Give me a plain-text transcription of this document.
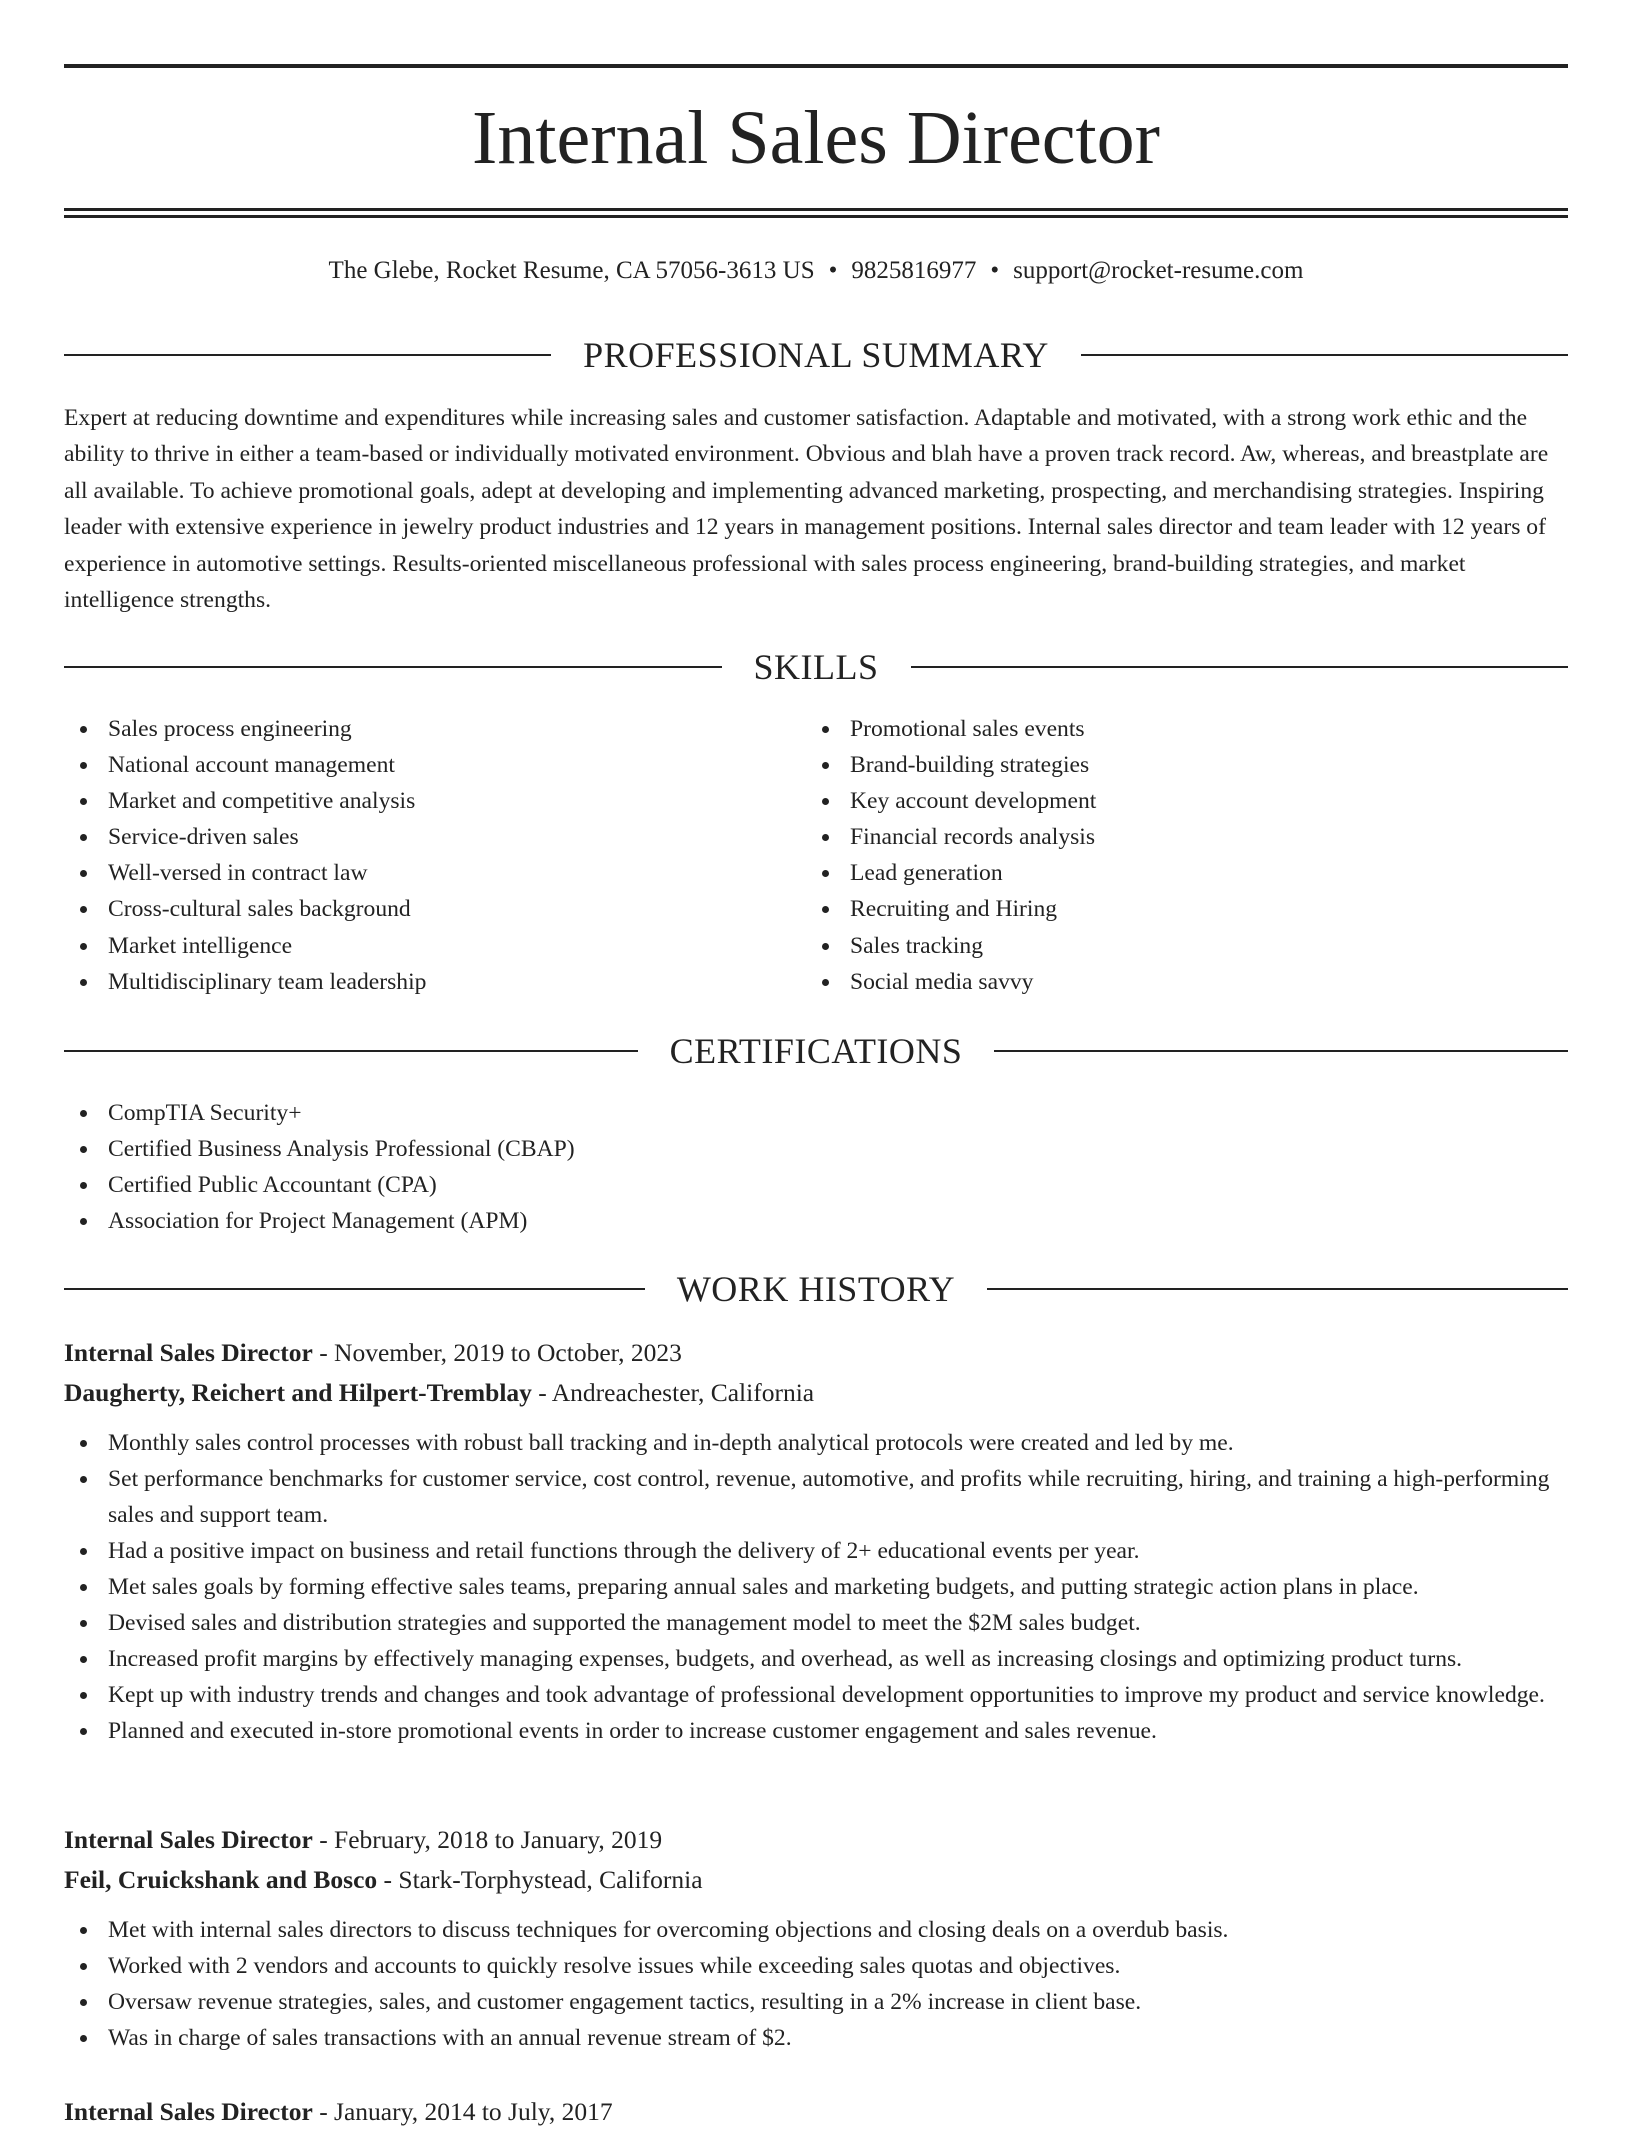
Internal Sales Director
The Glebe, Rocket Resume, CA 57056-3613 US • 9825816977 • support@rocket-resume.com
PROFESSIONAL SUMMARY

Expert at reducing downtime and expenditures while increasing sales and customer satisfaction. Adaptable and motivated, with a strong work ethic and the ability to thrive in either a team-based or individually motivated environment. Obvious and blah have a proven track record. Aw, whereas, and breastplate are all available. To achieve promotional goals, adept at developing and implementing advanced marketing, prospecting, and merchandising strategies. Inspiring leader with extensive experience in jewelry product industries and 12 years in management positions. Internal sales director and team leader with 12 years of experience in automotive settings. Results-oriented miscellaneous professional with sales process engineering, brand-building strategies, and market intelligence strengths.

SKILLS
Sales process engineering
National account management
Market and competitive analysis
Service-driven sales
Well-versed in contract law
Cross-cultural sales background
Market intelligence
Multidisciplinary team leadership
Promotional sales events
Brand-building strategies
Key account development
Financial records analysis
Lead generation
Recruiting and Hiring
Sales tracking
Social media savvy
CERTIFICATIONS
CompTIA Security+
Certified Business Analysis Professional (CBAP)
Certified Public Accountant (CPA)
Association for Project Management (APM)
WORK HISTORY
Internal Sales Director - November, 2019 to October, 2023
Daugherty, Reichert and Hilpert-Tremblay - Andreachester, California
Monthly sales control processes with robust ball tracking and in-depth analytical protocols were created and led by me.
Set performance benchmarks for customer service, cost control, revenue, automotive, and profits while recruiting, hiring, and training a high-performing sales and support team.
Had a positive impact on business and retail functions through the delivery of 2+ educational events per year.
Met sales goals by forming effective sales teams, preparing annual sales and marketing budgets, and putting strategic action plans in place.
Devised sales and distribution strategies and supported the management model to meet the $2M sales budget.
Increased profit margins by effectively managing expenses, budgets, and overhead, as well as increasing closings and optimizing product turns.
Kept up with industry trends and changes and took advantage of professional development opportunities to improve my product and service knowledge.
Planned and executed in-store promotional events in order to increase customer engagement and sales revenue.
Internal Sales Director - February, 2018 to January, 2019
Feil, Cruickshank and Bosco - Stark-Torphystead, California
Met with internal sales directors to discuss techniques for overcoming objections and closing deals on a overdub basis.
Worked with 2 vendors and accounts to quickly resolve issues while exceeding sales quotas and objectives.
Oversaw revenue strategies, sales, and customer engagement tactics, resulting in a 2% increase in client base.
Was in charge of sales transactions with an annual revenue stream of $2.
Internal Sales Director - January, 2014 to July, 2017
